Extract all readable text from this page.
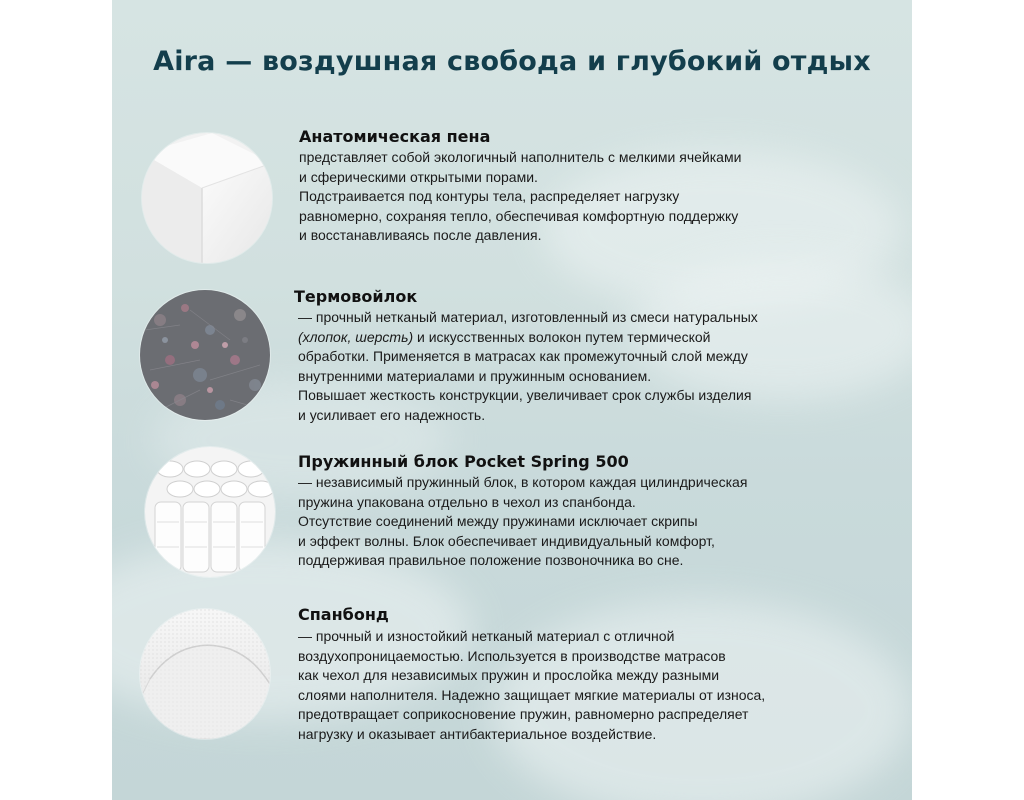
Aira — воздушная свобода и глубокий отдых
Анатомическая пена
представляет собой экологичный наполнитель с мелкими ячейками
и сферическими открытыми порами.
Подстраивается под контуры тела, распределяет нагрузку
равномерно, сохраняя тепло, обеспечивая комфортную поддержку
и восстанавливаясь после давления.
Термовойлок
— прочный нетканый материал, изготовленный из смеси натуральных
(хлопок, шерсть) и искусственных волокон путем термической
обработки. Применяется в матрасах как промежуточный слой между
внутренними материалами и пружинным основанием.
Повышает жесткость конструкции, увеличивает срок службы изделия
и усиливает его надежность.
Пружинный блок Pocket Spring 500
— независимый пружинный блок, в котором каждая цилиндрическая
пружина упакована отдельно в чехол из спанбонда.
Отсутствие соединений между пружинами исключает скрипы
и эффект волны. Блок обеспечивает индивидуальный комфорт,
поддерживая правильное положение позвоночника во сне.
Спанбонд
— прочный и изностойкий нетканый материал с отличной
воздухопроницаемостью. Используется в производстве матрасов
как чехол для независимых пружин и прослойка между разными
слоями наполнителя. Надежно защищает мягкие материалы от износа,
предотвращает соприкосновение пружин, равномерно распределяет
нагрузку и оказывает антибактериальное воздействие.
